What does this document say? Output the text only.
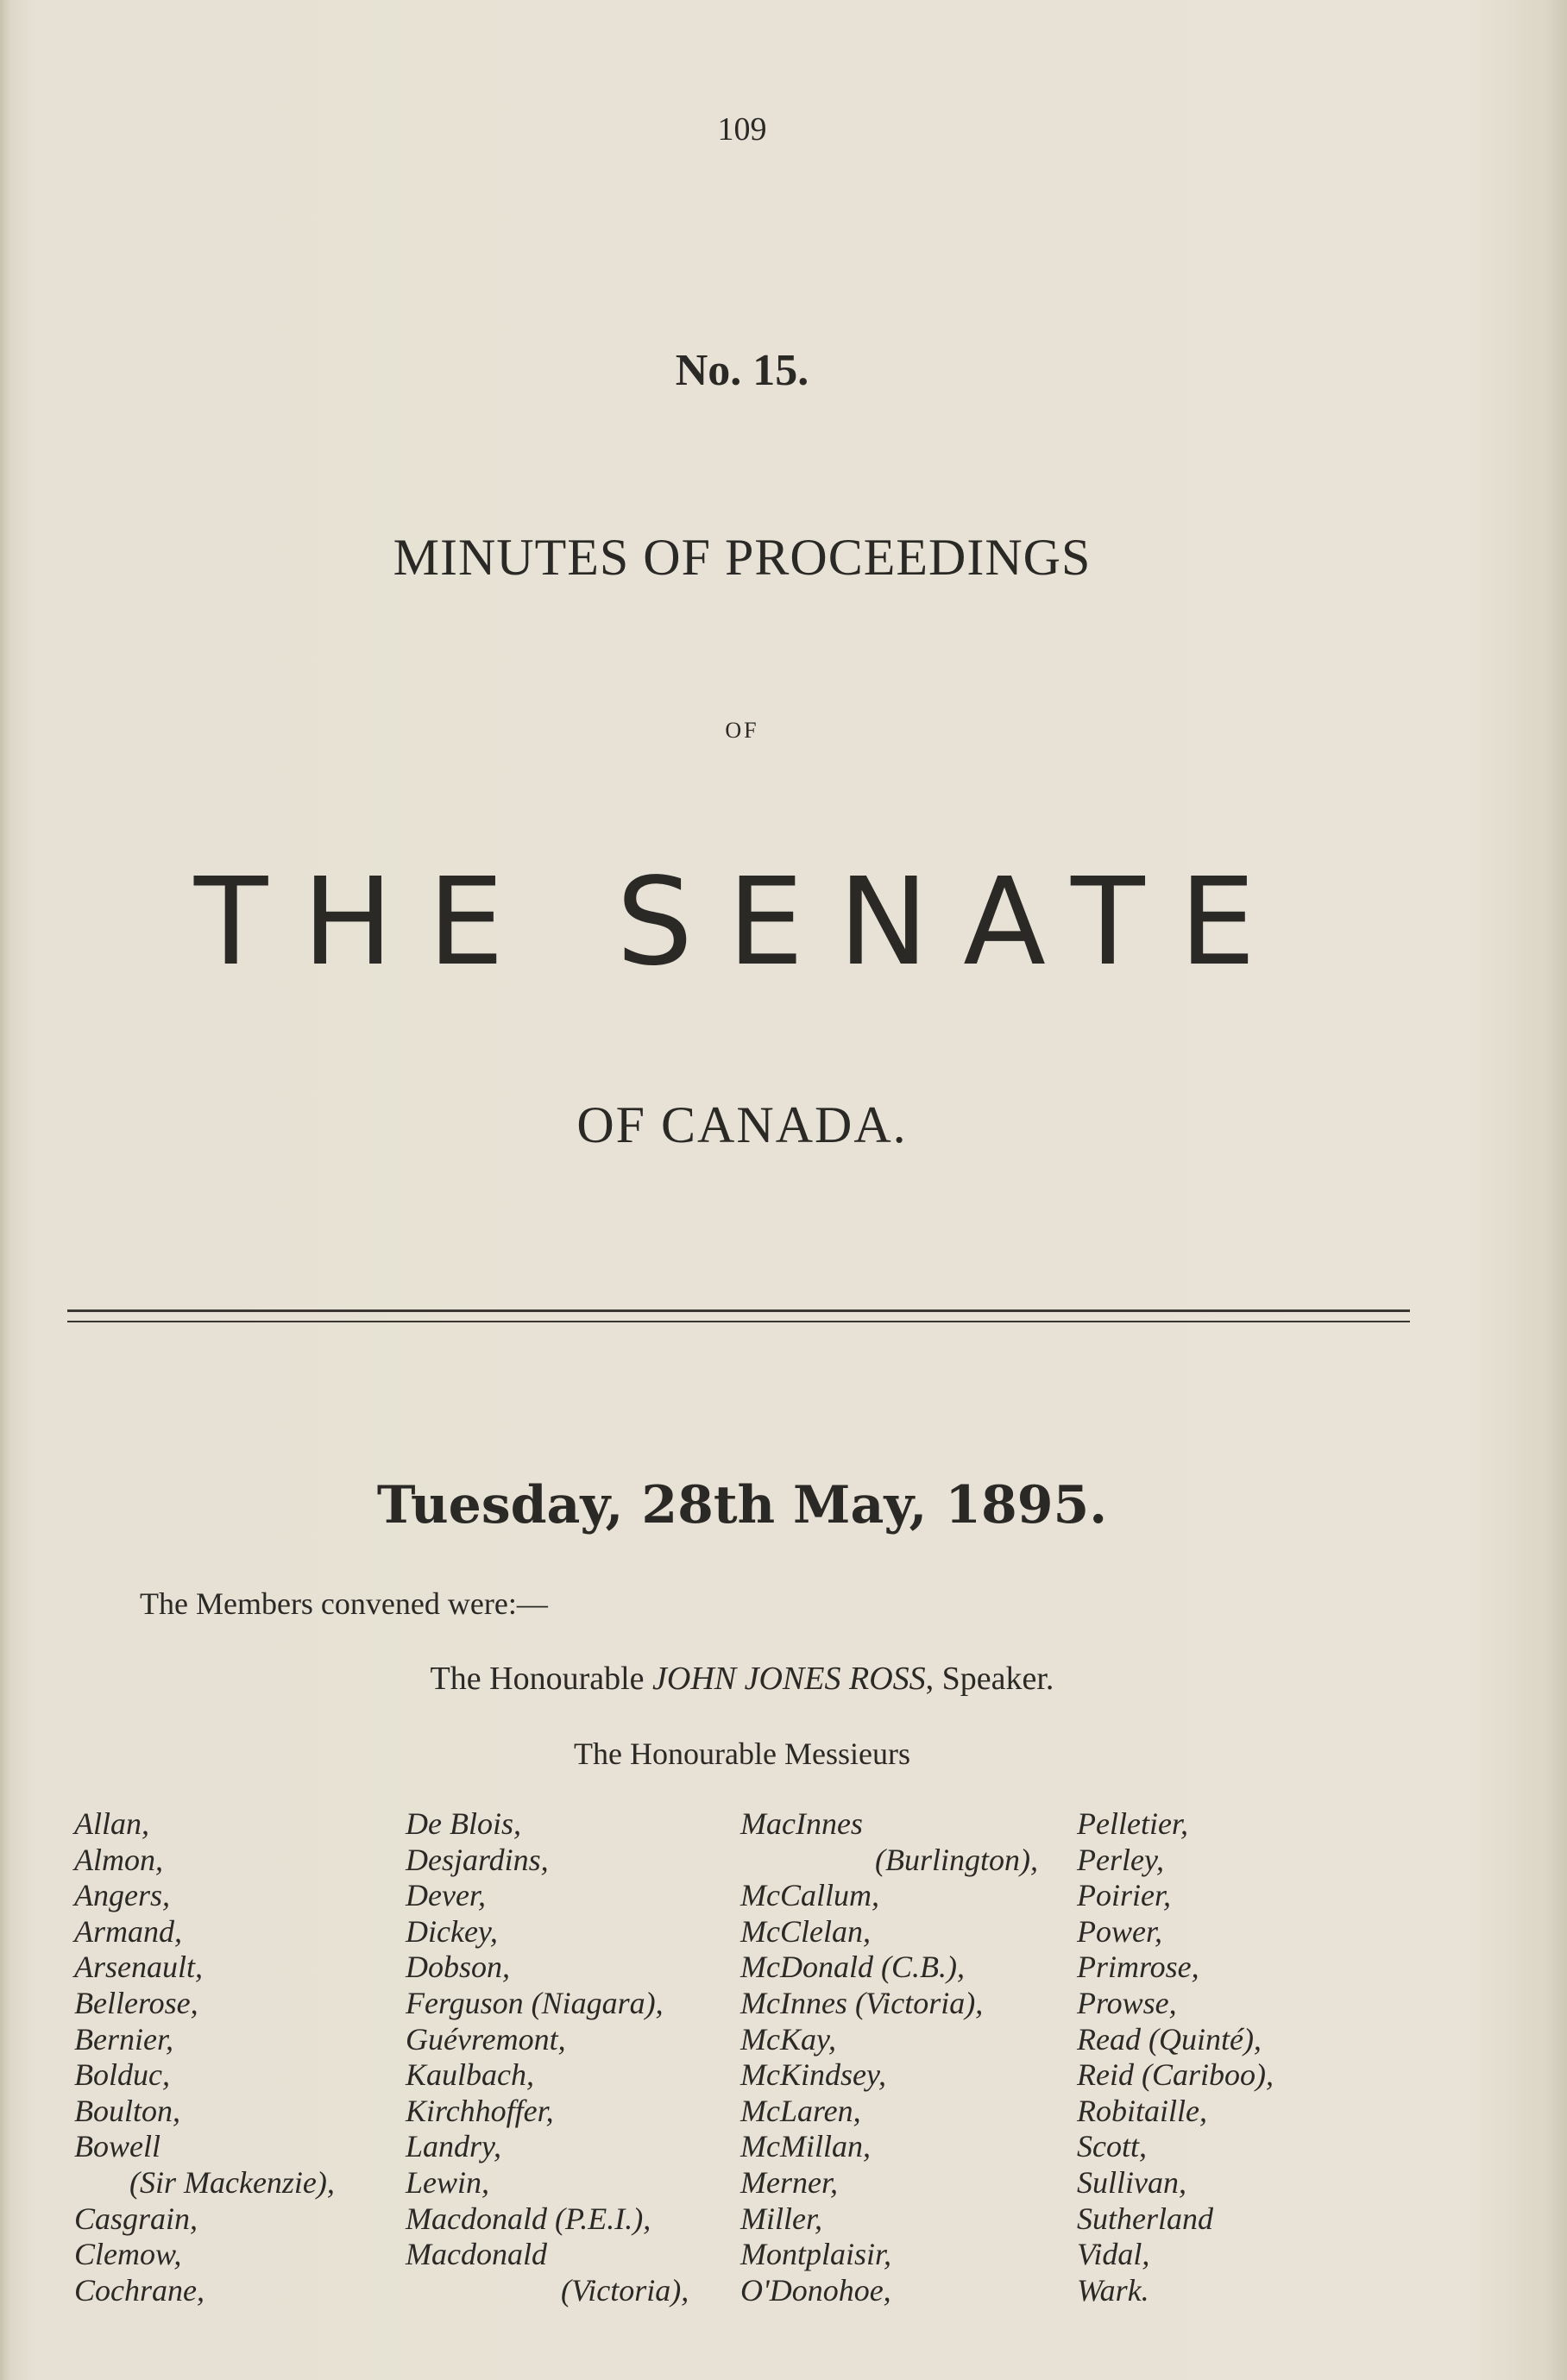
109

No. 15.

MINUTES OF PROCEEDINGS

OF

THE SENATE

OF CANADA.

Tuesday, 28th May, 1895.

The Members convened were:—

The Honourable JOHN JONES ROSS, Speaker.

The Honourable Messieurs

Allan,
Almon,
Angers,
Armand,
Arsenault,
Bellerose,
Bernier,
Bolduc,
Boulton,
Bowell
(Sir Mackenzie),
Casgrain,
Clemow,
Cochrane,
De Blois,
Desjardins,
Dever,
Dickey,
Dobson,
Ferguson (Niagara),
Guévremont,
Kaulbach,
Kirchhoffer,
Landry,
Lewin,
Macdonald (P.E.I.),
Macdonald
(Victoria),
MacInnes
(Burlington),
McCallum,
McClelan,
McDonald (C.B.),
McInnes (Victoria),
McKay,
McKindsey,
McLaren,
McMillan,
Merner,
Miller,
Montplaisir,
O'Donohoe,
Pelletier,
Perley,
Poirier,
Power,
Primrose,
Prowse,
Read (Quinté),
Reid (Cariboo),
Robitaille,
Scott,
Sullivan,
Sutherland
Vidal,
Wark.
